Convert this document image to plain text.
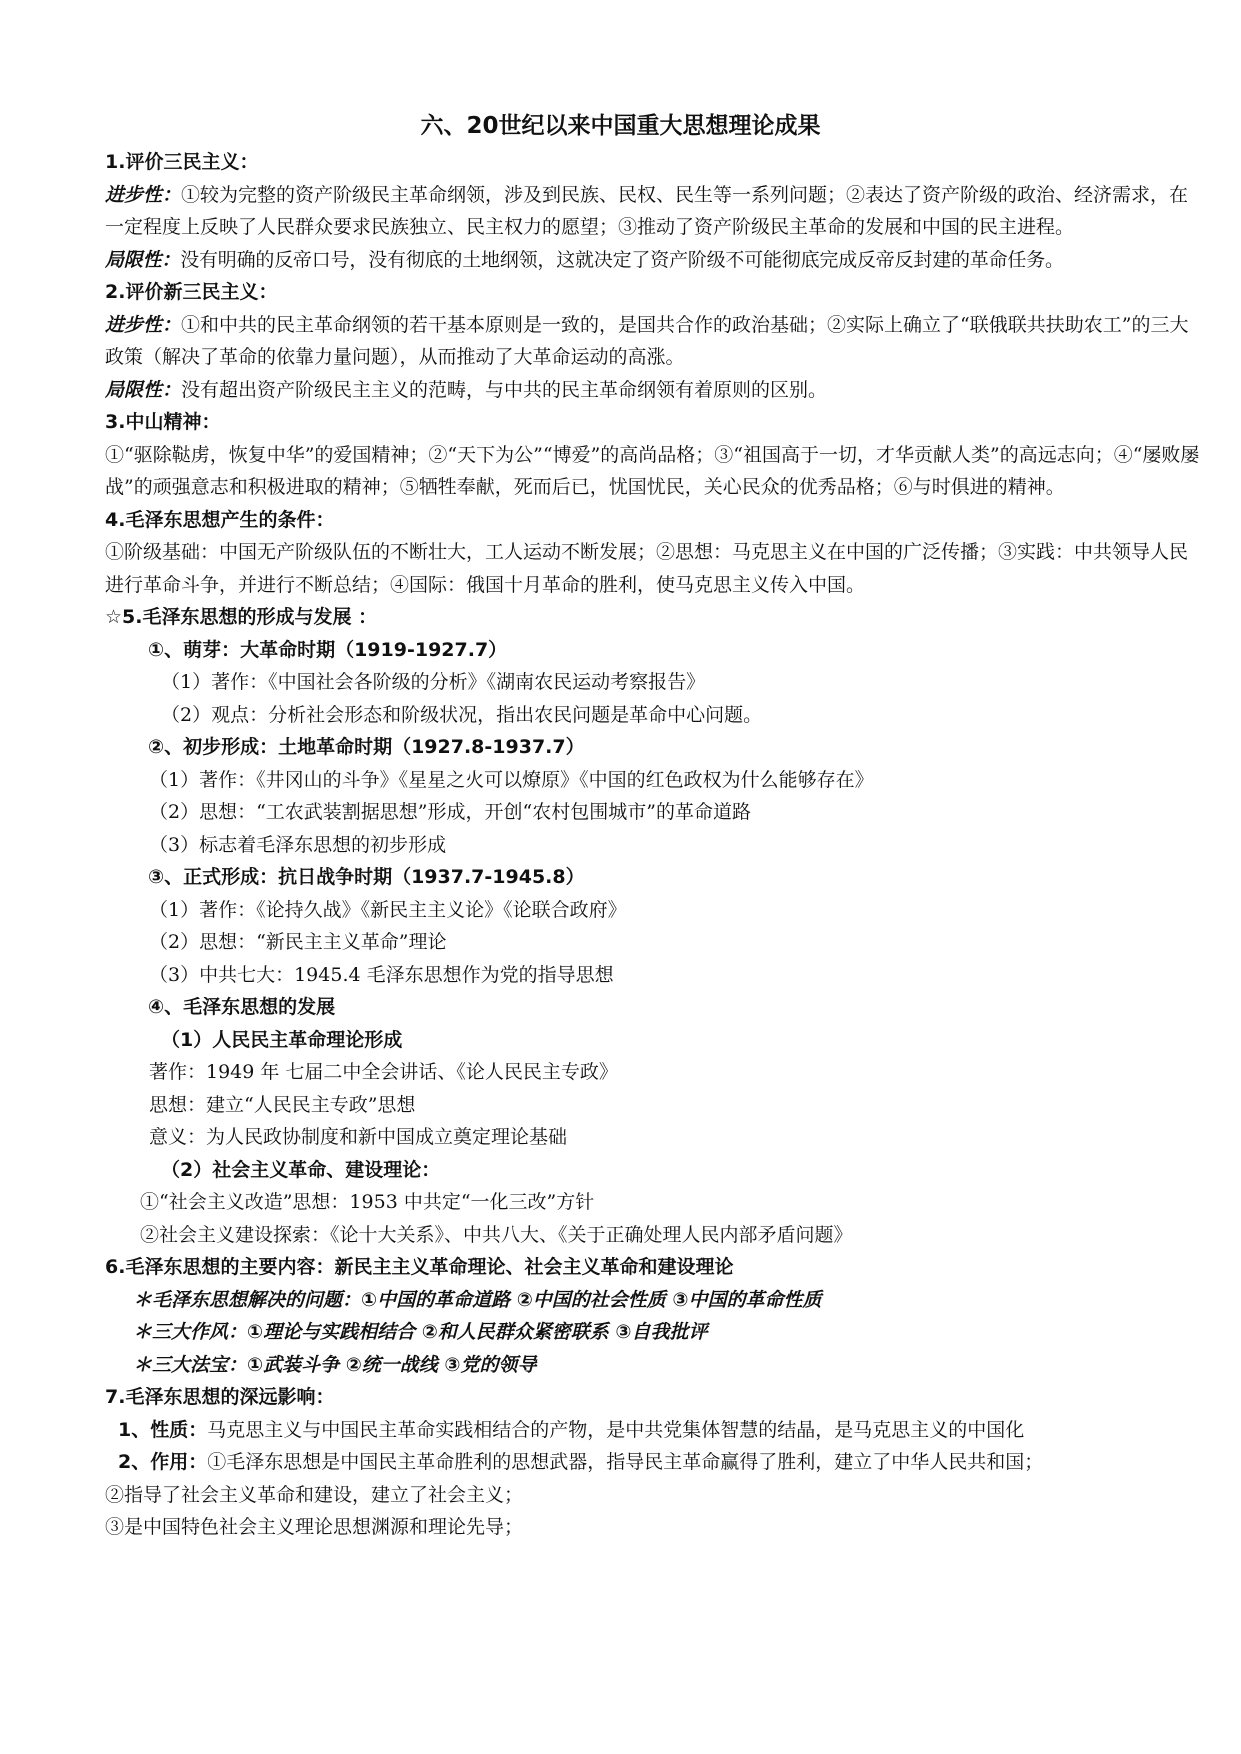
六、20世纪以来中国重大思想理论成果

1.评价三民主义：

进步性：①较为完整的资产阶级民主革命纲领，涉及到民族、民权、民生等一系列问题；②表达了资产阶级的政治、经济需求，在一定程度上反映了人民群众要求民族独立、民主权力的愿望；③推动了资产阶级民主革命的发展和中国的民主进程。

局限性：没有明确的反帝口号，没有彻底的土地纲领，这就决定了资产阶级不可能彻底完成反帝反封建的革命任务。

2.评价新三民主义：

进步性：①和中共的民主革命纲领的若干基本原则是一致的，是国共合作的政治基础；②实际上确立了“联俄联共扶助农工”的三大政策（解决了革命的依靠力量问题），从而推动了大革命运动的高涨。

局限性：没有超出资产阶级民主主义的范畴，与中共的民主革命纲领有着原则的区别。

3.中山精神：

①“驱除鞑虏，恢复中华”的爱国精神；②“天下为公”“博爱”的高尚品格；③“祖国高于一切，才华贡献人类”的高远志向；④“屡败屡战”的顽强意志和积极进取的精神；⑤牺牲奉献，死而后已，忧国忧民，关心民众的优秀品格；⑥与时俱进的精神。

4.毛泽东思想产生的条件：

①阶级基础：中国无产阶级队伍的不断壮大，工人运动不断发展；②思想：马克思主义在中国的广泛传播；③实践：中共领导人民进行革命斗争，并进行不断总结；④国际：俄国十月革命的胜利，使马克思主义传入中国。

☆5.毛泽东思想的形成与发展 ：

①、萌芽：大革命时期（1919-1927.7）

（1）著作：《中国社会各阶级的分析》《湖南农民运动考察报告》

（2）观点：分析社会形态和阶级状况，指出农民问题是革命中心问题。

②、初步形成：土地革命时期（1927.8-1937.7）

（1）著作：《井冈山的斗争》《星星之火可以燎原》《中国的红色政权为什么能够存在》

（2）思想：“工农武装割据思想”形成，开创“农村包围城市”的革命道路

（3）标志着毛泽东思想的初步形成

③、正式形成：抗日战争时期（1937.7-1945.8）

（1）著作：《论持久战》《新民主主义论》《论联合政府》

（2）思想：“新民主主义革命”理论

（3）中共七大：1945.4 毛泽东思想作为党的指导思想

④、毛泽东思想的发展

（1）人民民主革命理论形成

著作：1949 年 七届二中全会讲话、《论人民民主专政》

思想：建立“人民民主专政”思想

意义：为人民政协制度和新中国成立奠定理论基础

（2）社会主义革命、建设理论：

①“社会主义改造”思想：1953 中共定“一化三改”方针

②社会主义建设探索：《论十大关系》、中共八大、《关于正确处理人民内部矛盾问题》

6.毛泽东思想的主要内容：新民主主义革命理论、社会主义革命和建设理论

＊毛泽东思想解决的问题：①中国的革命道路 ②中国的社会性质 ③中国的革命性质

＊三大作风：①理论与实践相结合 ②和人民群众紧密联系 ③自我批评

＊三大法宝：①武装斗争 ②统一战线 ③党的领导

7.毛泽东思想的深远影响：

1、性质：马克思主义与中国民主革命实践相结合的产物，是中共党集体智慧的结晶，是马克思主义的中国化

2、作用：①毛泽东思想是中国民主革命胜利的思想武器，指导民主革命赢得了胜利，建立了中华人民共和国；

②指导了社会主义革命和建设，建立了社会主义；

③是中国特色社会主义理论思想渊源和理论先导；
